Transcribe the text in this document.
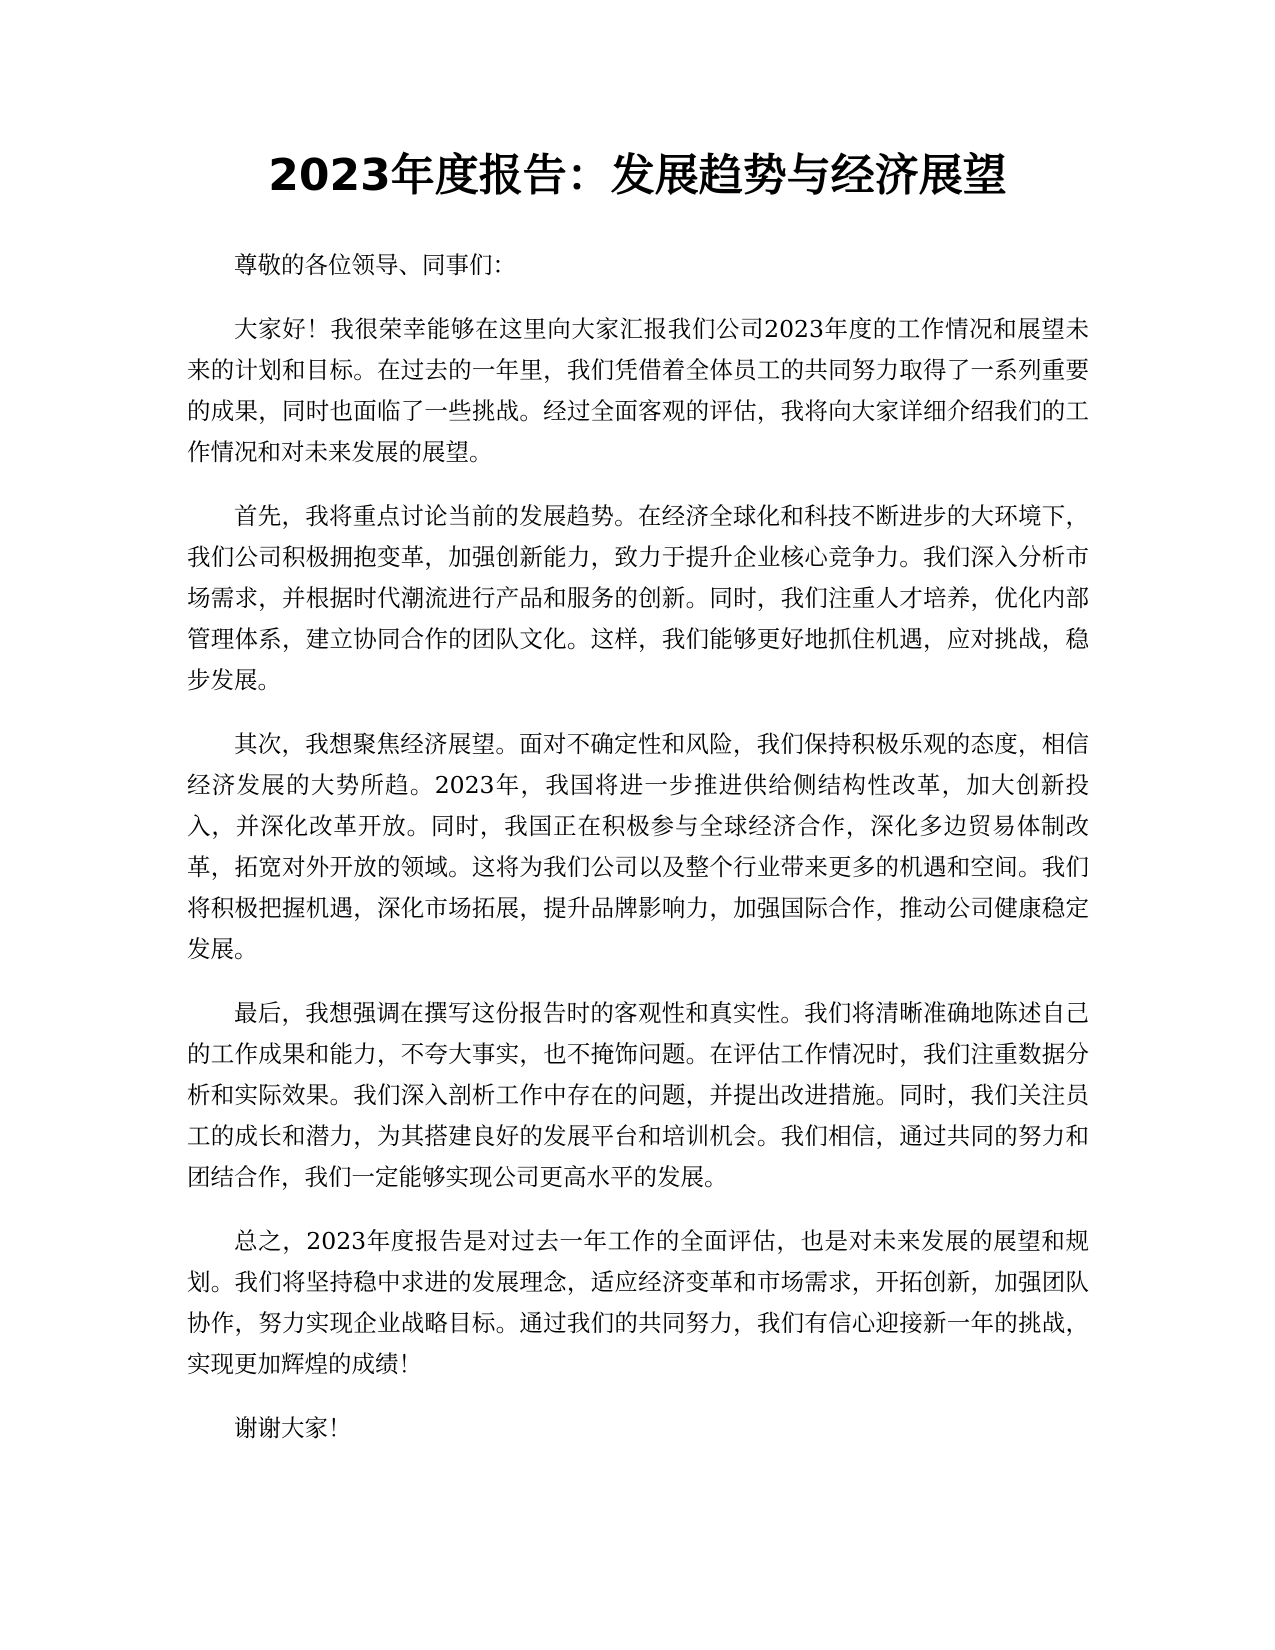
2023年度报告：发展趋势与经济展望

尊敬的各位领导、同事们：

大家好！我很荣幸能够在这里向大家汇报我们公司2023年度的工作情况和展望未来的计划和目标。在过去的一年里，我们凭借着全体员工的共同努力取得了一系列重要的成果，同时也面临了一些挑战。经过全面客观的评估，我将向大家详细介绍我们的工作情况和对未来发展的展望。

首先，我将重点讨论当前的发展趋势。在经济全球化和科技不断进步的大环境下，我们公司积极拥抱变革，加强创新能力，致力于提升企业核心竞争力。我们深入分析市场需求，并根据时代潮流进行产品和服务的创新。同时，我们注重人才培养，优化内部管理体系，建立协同合作的团队文化。这样，我们能够更好地抓住机遇，应对挑战，稳步发展。

其次，我想聚焦经济展望。面对不确定性和风险，我们保持积极乐观的态度，相信经济发展的大势所趋。2023年，我国将进一步推进供给侧结构性改革，加大创新投入，并深化改革开放。同时，我国正在积极参与全球经济合作，深化多边贸易体制改革，拓宽对外开放的领域。这将为我们公司以及整个行业带来更多的机遇和空间。我们将积极把握机遇，深化市场拓展，提升品牌影响力，加强国际合作，推动公司健康稳定发展。

最后，我想强调在撰写这份报告时的客观性和真实性。我们将清晰准确地陈述自己的工作成果和能力，不夸大事实，也不掩饰问题。在评估工作情况时，我们注重数据分析和实际效果。我们深入剖析工作中存在的问题，并提出改进措施。同时，我们关注员工的成长和潜力，为其搭建良好的发展平台和培训机会。我们相信，通过共同的努力和团结合作，我们一定能够实现公司更高水平的发展。

总之，2023年度报告是对过去一年工作的全面评估，也是对未来发展的展望和规划。我们将坚持稳中求进的发展理念，适应经济变革和市场需求，开拓创新，加强团队协作，努力实现企业战略目标。通过我们的共同努力，我们有信心迎接新一年的挑战，实现更加辉煌的成绩！

谢谢大家！
